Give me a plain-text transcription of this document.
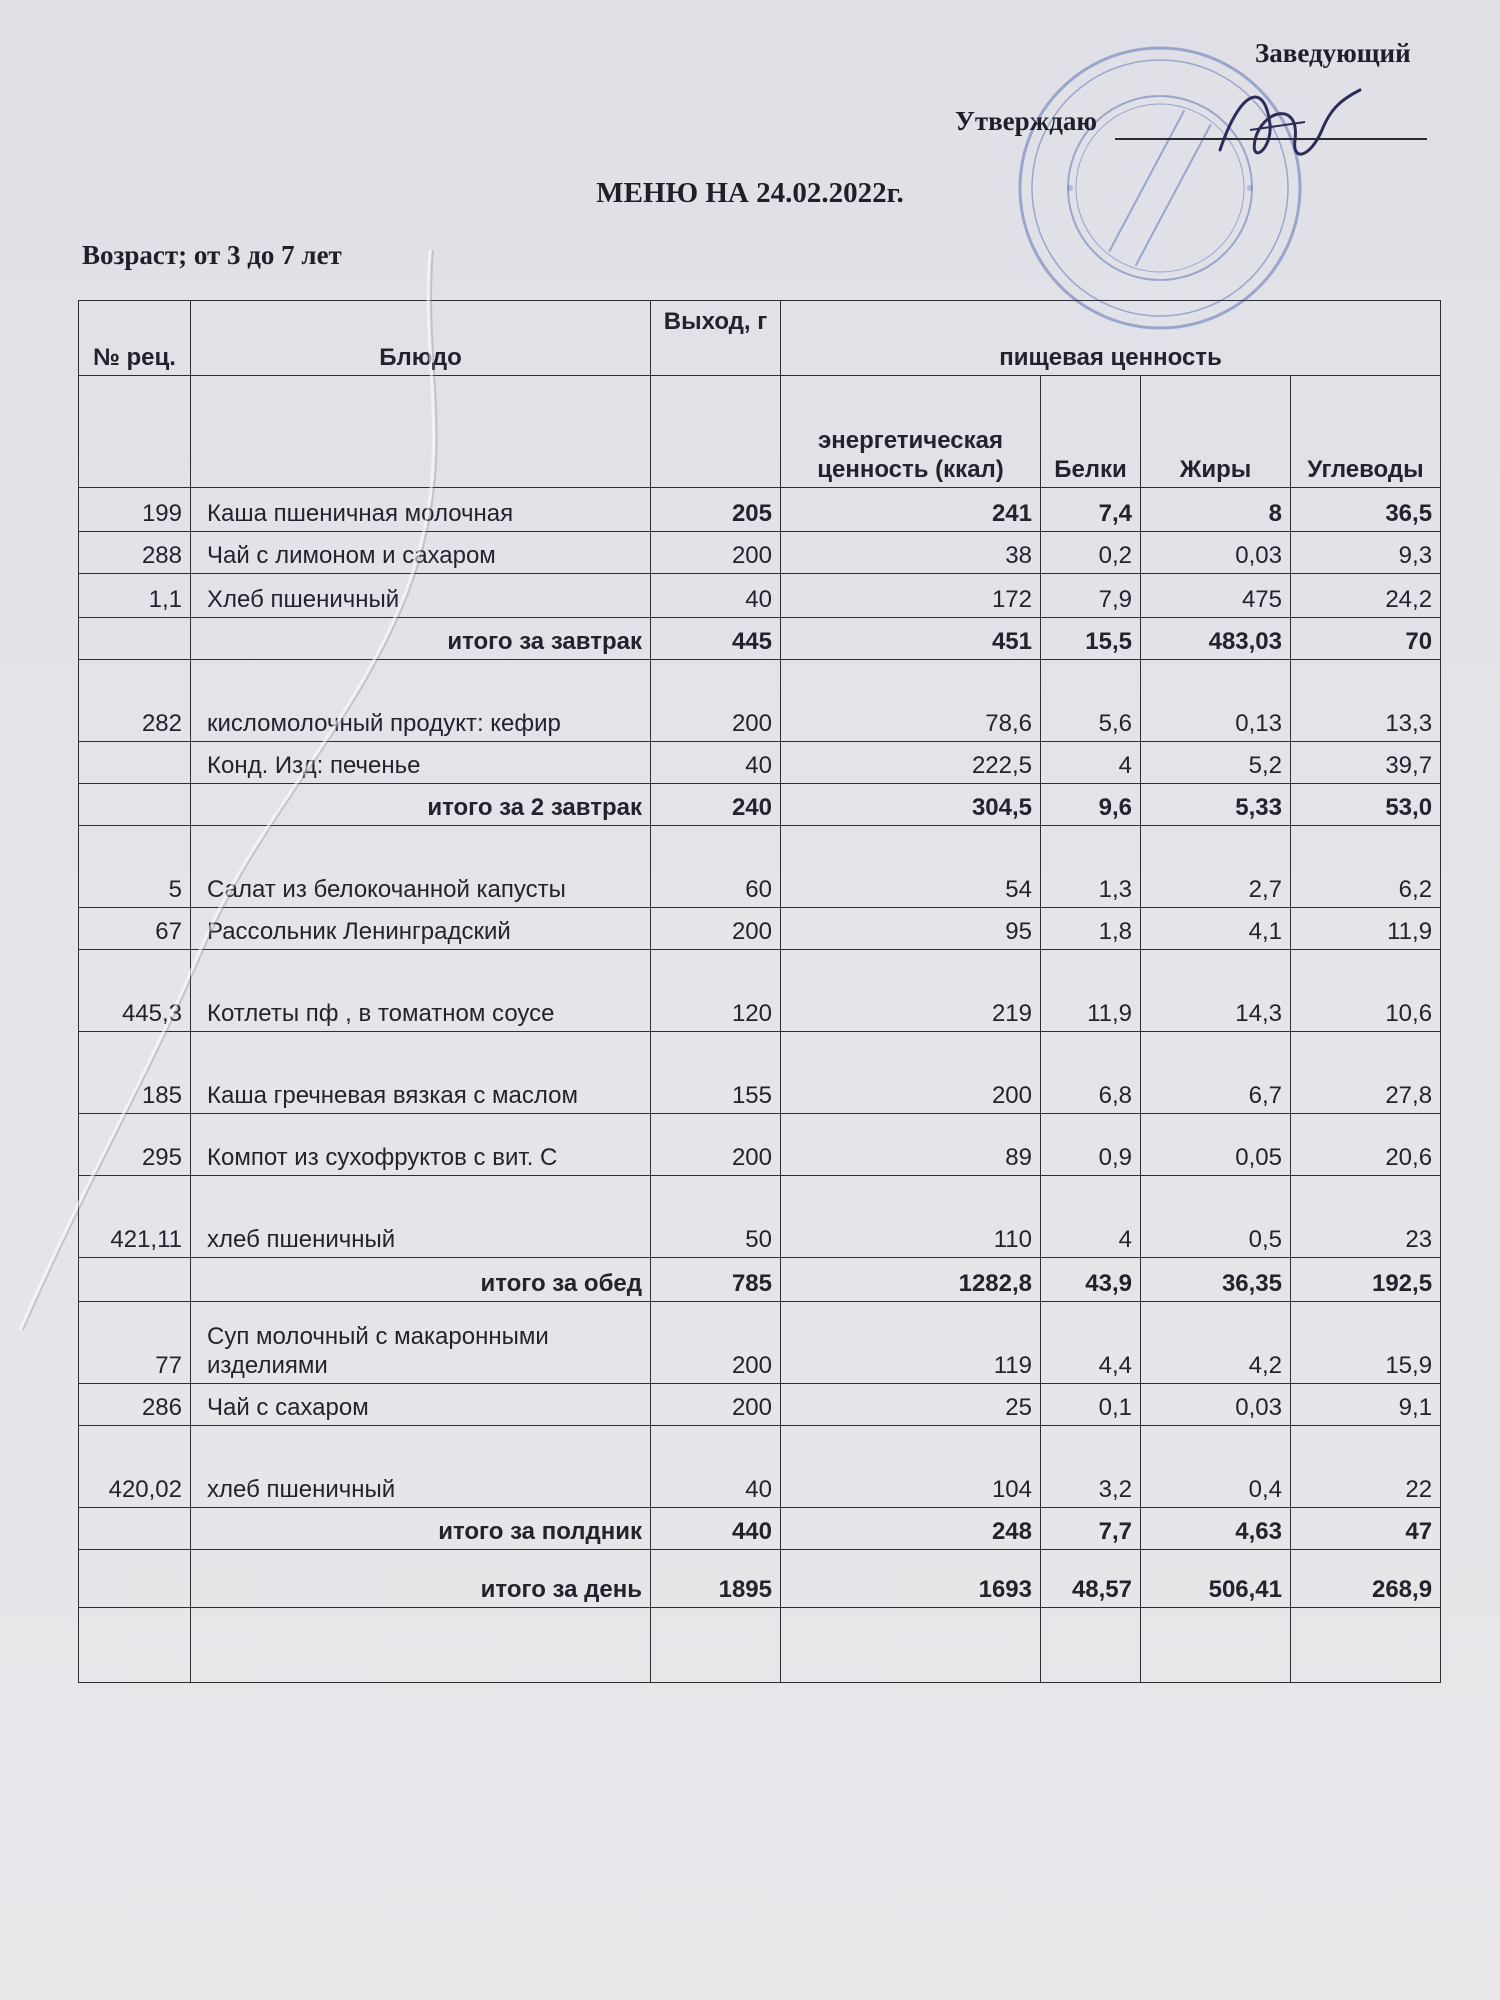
Заведующий
Утверждаю
МЕНЮ НА 24.02.2022г.
Возраст; от 3 до 7 лет
№ рец.	Блюдо	Выход, г	пищевая ценность			
			энергетическая ценность (ккал)	Белки	Жиры	Углеводы
199	Каша пшеничная молочная	205	241	7,4	8	36,5
288	Чай с лимоном и сахаром	200	38	0,2	0,03	9,3
1,1	Хлеб пшеничный	40	172	7,9	475	24,2
	итого за завтрак	445	451	15,5	483,03	70
282	кисломолочный продукт: кефир	200	78,6	5,6	0,13	13,3
	Конд. Изд: печенье	40	222,5	4	5,2	39,7
	итого за 2 завтрак	240	304,5	9,6	5,33	53,0
5	Салат из белокочанной капусты	60	54	1,3	2,7	6,2
67	Рассольник Ленинградский	200	95	1,8	4,1	11,9
445,3	Котлеты пф , в томатном соусе	120	219	11,9	14,3	10,6
185	Каша гречневая вязкая с маслом	155	200	6,8	6,7	27,8
295	Компот из сухофруктов с вит. С	200	89	0,9	0,05	20,6
421,11	хлеб пшеничный	50	110	4	0,5	23
	итого за обед	785	1282,8	43,9	36,35	192,5
77	Суп молочный с макаронными изделиями	200	119	4,4	4,2	15,9
286	Чай с сахаром	200	25	0,1	0,03	9,1
420,02	хлеб пшеничный	40	104	3,2	0,4	22
	итого за полдник	440	248	7,7	4,63	47
	итого за день	1895	1693	48,57	506,41	268,9
